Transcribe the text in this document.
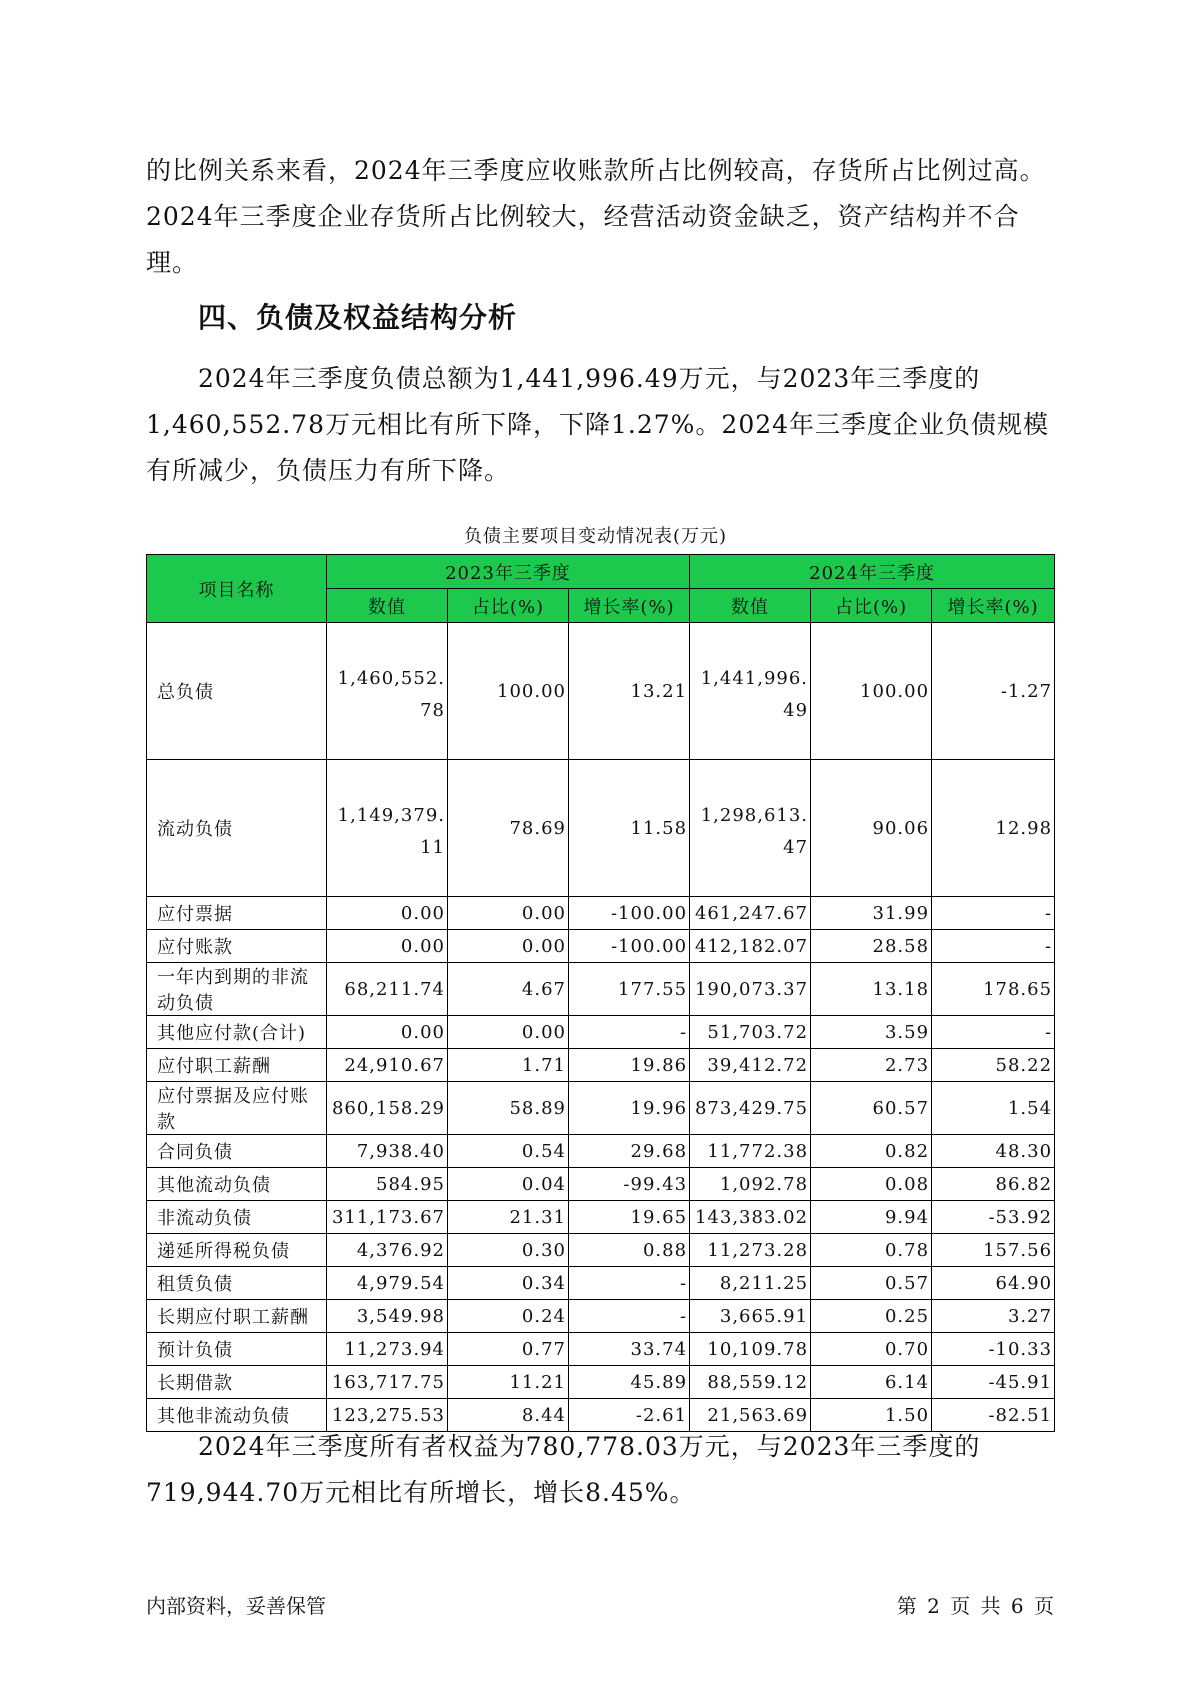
的比例关系来看，2024年三季度应收账款所占比例较高，存货所占比例过高。2024年三季度企业存货所占比例较大，经营活动资金缺乏，资产结构并不合理。

四、负债及权益结构分析

2024年三季度负债总额为1,441,996.49万元，与2023年三季度的1,460,552.78万元相比有所下降，下降1.27%。2024年三季度企业负债规模有所减少，负债压力有所下降。

负债主要项目变动情况表(万元)
项目名称	2023年三季度			2024年三季度		
	数值	占比(%)	增长率(%)	数值	占比(%)	增长率(%)
总负债	1,460,552.78	100.00	13.21	1,441,996.49	100.00	-1.27
流动负债	1,149,379.11	78.69	11.58	1,298,613.47	90.06	12.98
应付票据	0.00	0.00	-100.00	461,247.67	31.99	-
应付账款	0.00	0.00	-100.00	412,182.07	28.58	-
一年内到期的非流动负债	68,211.74	4.67	177.55	190,073.37	13.18	178.65
其他应付款(合计)	0.00	0.00	-	51,703.72	3.59	-
应付职工薪酬	24,910.67	1.71	19.86	39,412.72	2.73	58.22
应付票据及应付账款	860,158.29	58.89	19.96	873,429.75	60.57	1.54
合同负债	7,938.40	0.54	29.68	11,772.38	0.82	48.30
其他流动负债	584.95	0.04	-99.43	1,092.78	0.08	86.82
非流动负债	311,173.67	21.31	19.65	143,383.02	9.94	-53.92
递延所得税负债	4,376.92	0.30	0.88	11,273.28	0.78	157.56
租赁负债	4,979.54	0.34	-	8,211.25	0.57	64.90
长期应付职工薪酬	3,549.98	0.24	-	3,665.91	0.25	3.27
预计负债	11,273.94	0.77	33.74	10,109.78	0.70	-10.33
长期借款	163,717.75	11.21	45.89	88,559.12	6.14	-45.91
其他非流动负债	123,275.53	8.44	-2.61	21,563.69	1.50	-82.51

2024年三季度所有者权益为780,778.03万元，与2023年三季度的719,944.70万元相比有所增长，增长8.45%。

内部资料，妥善保管	第 2 页 共 6 页
